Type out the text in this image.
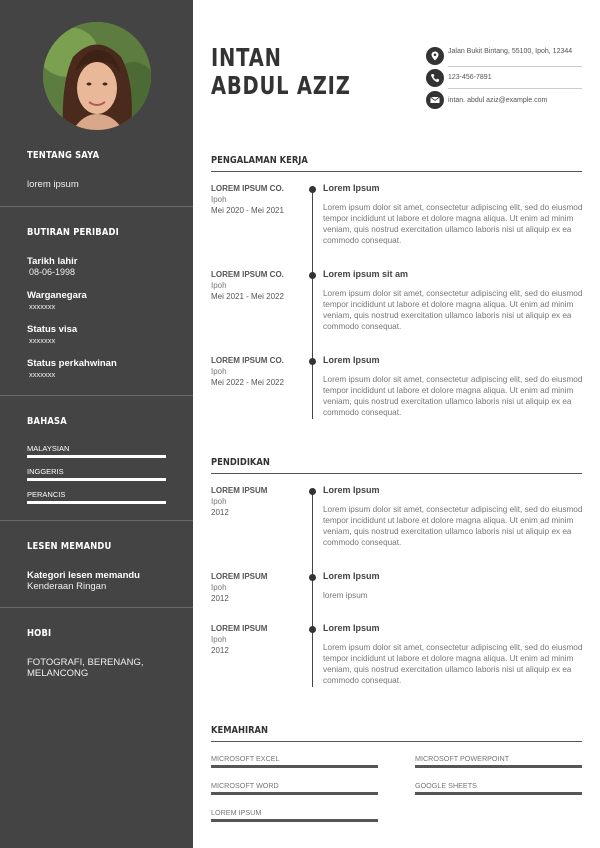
TENTANG SAYA
lorem ipsum
BUTIRAN PERIBADI
Tarikh lahir
08-06-1998
Warganegara
xxxxxxx
Status visa
xxxxxxx
Status perkahwinan
xxxxxxx
BAHASA
MALAYSIAN
INGGERIS
PERANCIS
LESEN MEMANDU
Kategori lesen memandu
Kenderaan Ringan
HOBI
FOTOGRAFI, BERENANG,
MELANCONG
INTAN
ABDUL AZIZ
Jalan Bukit Bintang, 55100, Ipoh, 12344
123-456-7891
intan. abdul aziz@example.com
PENGALAMAN KERJA
LOREM IPSUM CO.
Ipoh
Mei 2020 - Mei 2021
Lorem Ipsum
Lorem ipsum dolor sit amet, consectetur adipiscing elit, sed do eiusmod tempor incididunt ut labore et dolore magna aliqua. Ut enim ad minim veniam, quis nostrud exercitation ullamco laboris nisi ut aliquip ex ea commodo consequat.
LOREM IPSUM CO.
Ipoh
Mei 2021 - Mei 2022
Lorem ipsum sit am
Lorem ipsum dolor sit amet, consectetur adipiscing elit, sed do eiusmod tempor incididunt ut labore et dolore magna aliqua. Ut enim ad minim veniam, quis nostrud exercitation ullamco laboris nisi ut aliquip ex ea commodo consequat.
LOREM IPSUM CO.
Ipoh
Mei 2022 - Mei 2022
Lorem Ipsum
Lorem ipsum dolor sit amet, consectetur adipiscing elit, sed do eiusmod tempor incididunt ut labore et dolore magna aliqua. Ut enim ad minim veniam, quis nostrud exercitation ullamco laboris nisi ut aliquip ex ea commodo consequat.
PENDIDIKAN
LOREM IPSUM
Ipoh
2012
Lorem Ipsum
Lorem ipsum dolor sit amet, consectetur adipiscing elit, sed do eiusmod tempor incididunt ut labore et dolore magna aliqua. Ut enim ad minim veniam, quis nostrud exercitation ullamco laboris nisi ut aliquip ex ea commodo consequat.
LOREM IPSUM
Ipoh
2012
Lorem Ipsum
lorem ipsum
LOREM IPSUM
Ipoh
2012
Lorem Ipsum
Lorem ipsum dolor sit amet, consectetur adipiscing elit, sed do eiusmod tempor incididunt ut labore et dolore magna aliqua. Ut enim ad minim veniam, quis nostrud exercitation ullamco laboris nisi ut aliquip ex ea commodo consequat.
KEMAHIRAN
MICROSOFT EXCEL	MICROSOFT POWERPOINT
MICROSOFT WORD	GOOGLE SHEETS
LOREM IPSUM
